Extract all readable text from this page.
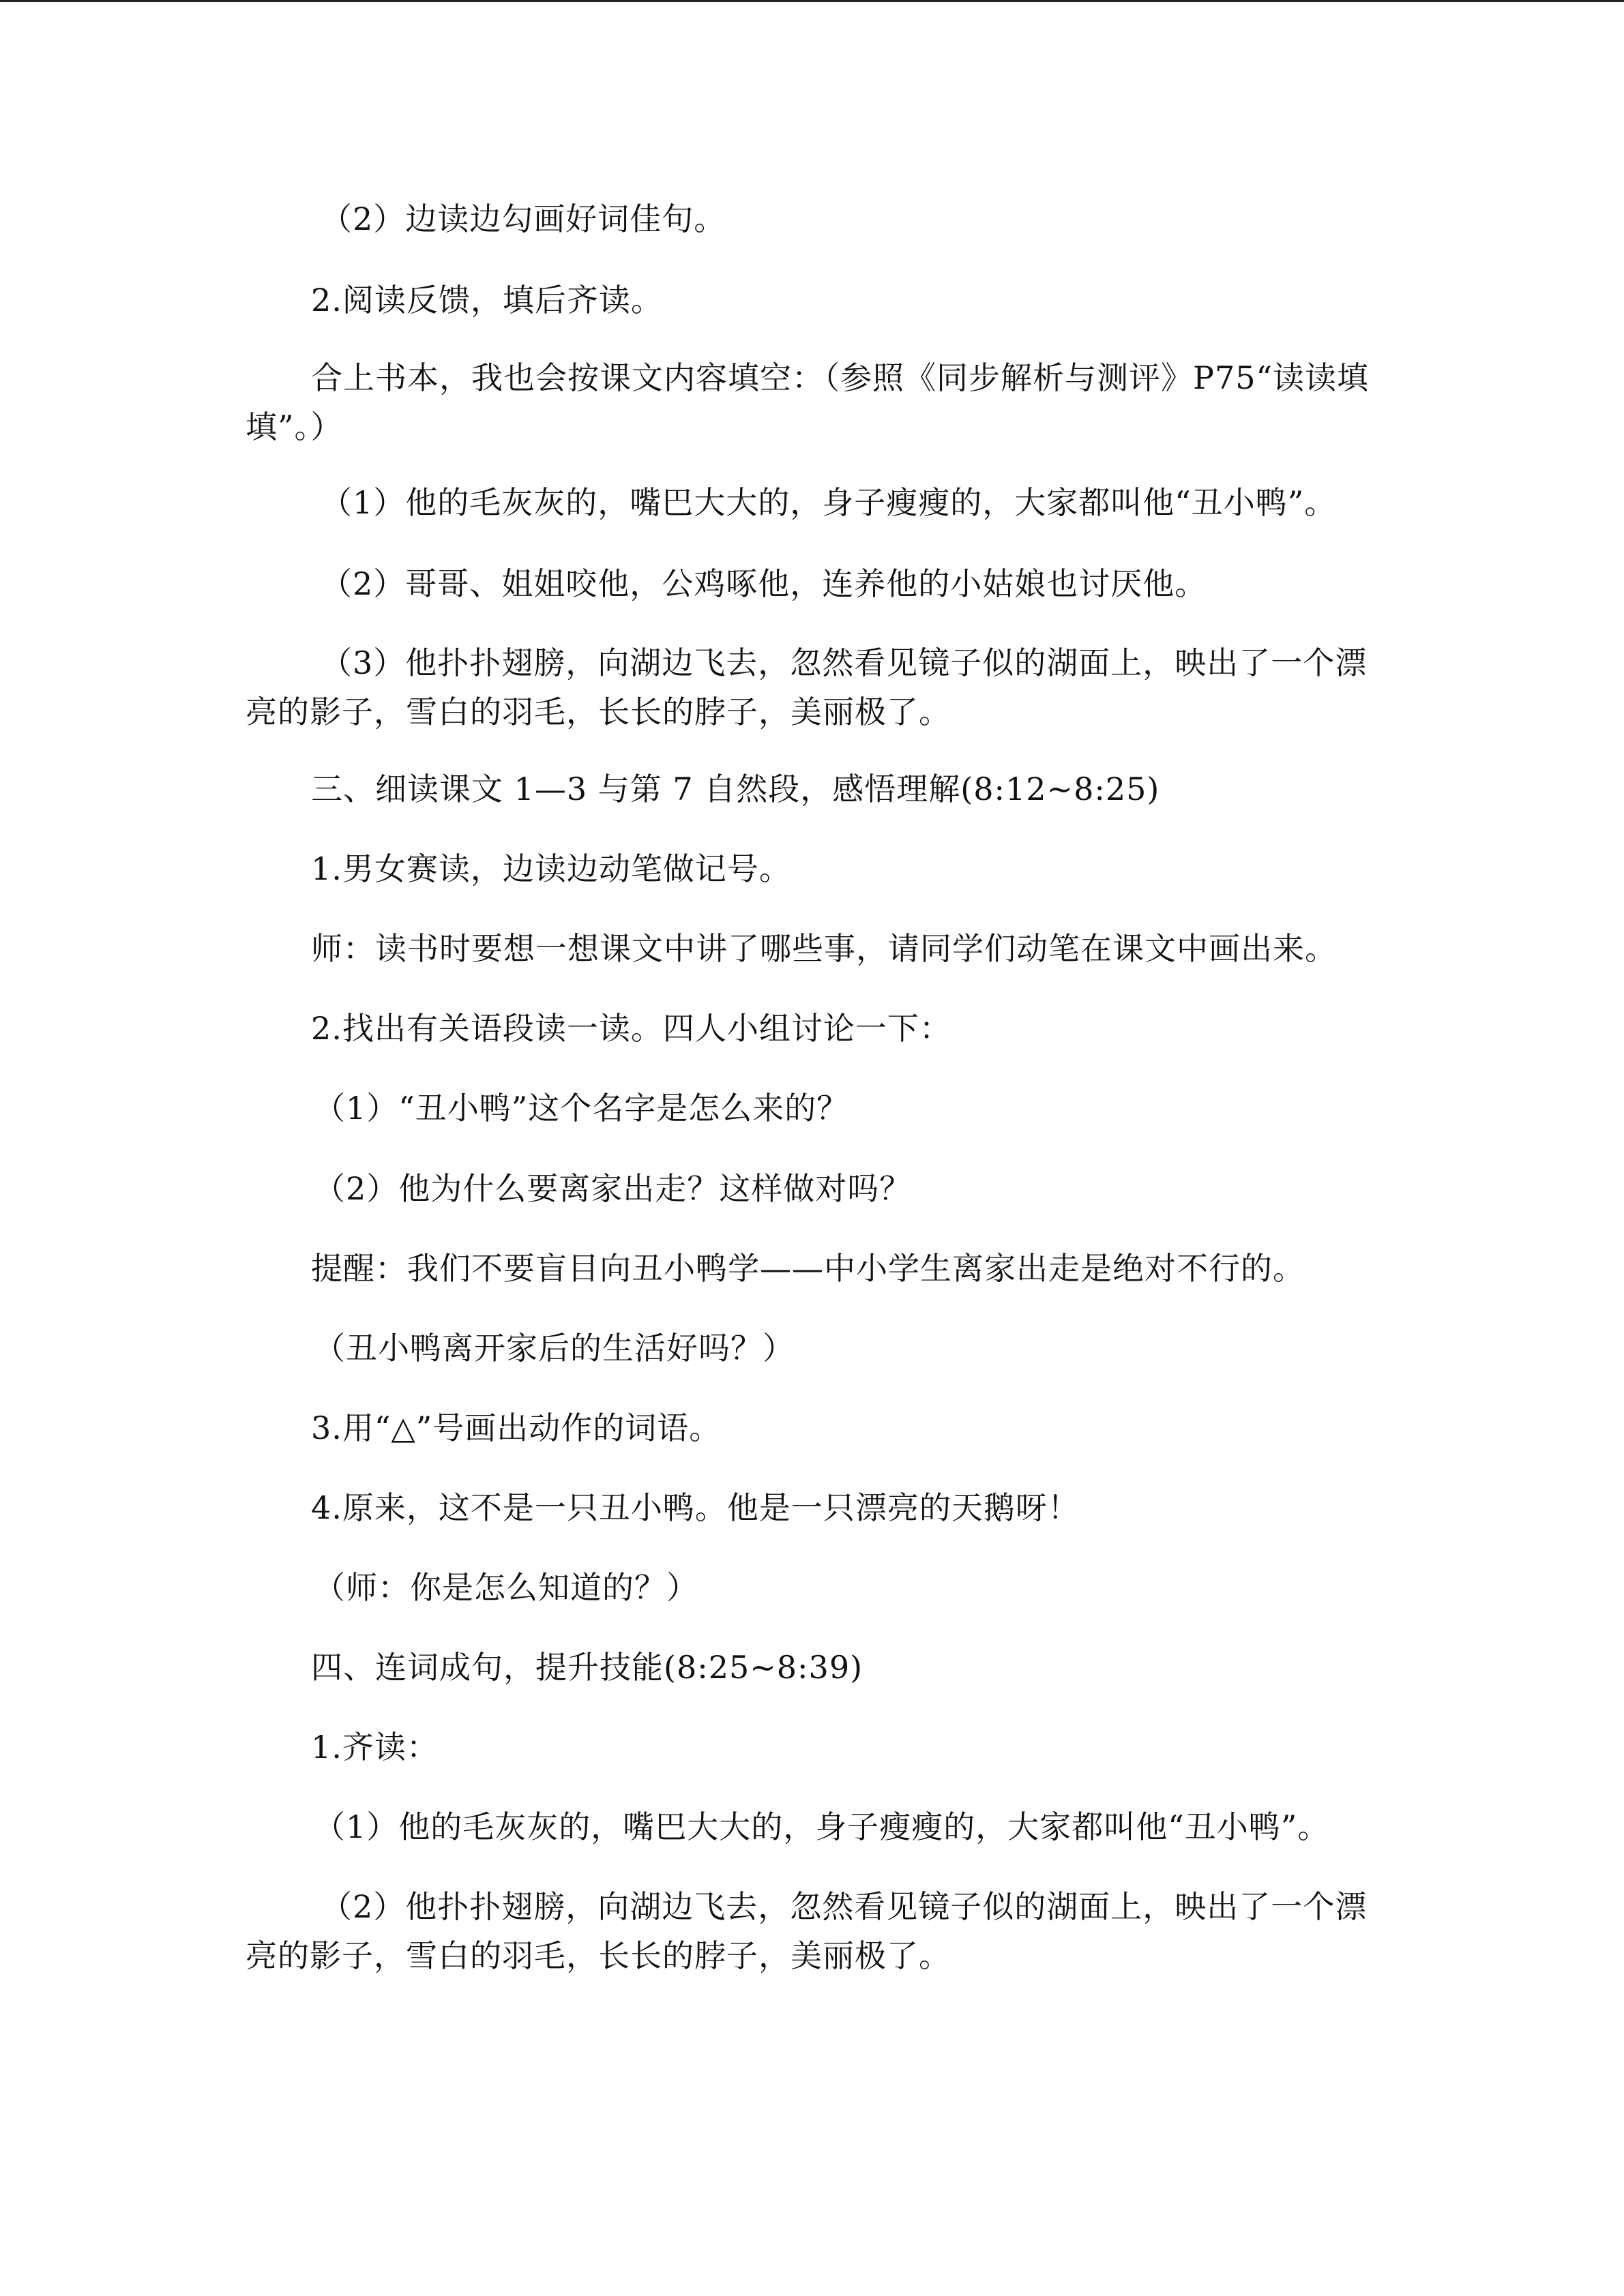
（2）边读边勾画好词佳句。

2.阅读反馈，填后齐读。

合上书本，我也会按课文内容填空：（参照《同步解析与测评》P75“读读填填”。）

（1）他的毛灰灰的，嘴巴大大的，身子瘦瘦的，大家都叫他“丑小鸭”。

（2）哥哥、姐姐咬他，公鸡啄他，连养他的小姑娘也讨厌他。

（3）他扑扑翅膀，向湖边飞去，忽然看见镜子似的湖面上，映出了一个漂亮的影子，雪白的羽毛，长长的脖子，美丽极了。

三、细读课文 1—3 与第 7 自然段，感悟理解(8:12~8:25)

1.男女赛读，边读边动笔做记号。

师：读书时要想一想课文中讲了哪些事，请同学们动笔在课文中画出来。

2.找出有关语段读一读。四人小组讨论一下：

（1）“丑小鸭”这个名字是怎么来的？

（2）他为什么要离家出走？这样做对吗？

提醒：我们不要盲目向丑小鸭学——中小学生离家出走是绝对不行的。

（丑小鸭离开家后的生活好吗？）

3.用“△”号画出动作的词语。

4.原来，这不是一只丑小鸭。他是一只漂亮的天鹅呀！

（师：你是怎么知道的？）

四、连词成句，提升技能(8:25~8:39)

1.齐读：

（1）他的毛灰灰的，嘴巴大大的，身子瘦瘦的，大家都叫他“丑小鸭”。

（2）他扑扑翅膀，向湖边飞去，忽然看见镜子似的湖面上，映出了一个漂亮的影子，雪白的羽毛，长长的脖子，美丽极了。
